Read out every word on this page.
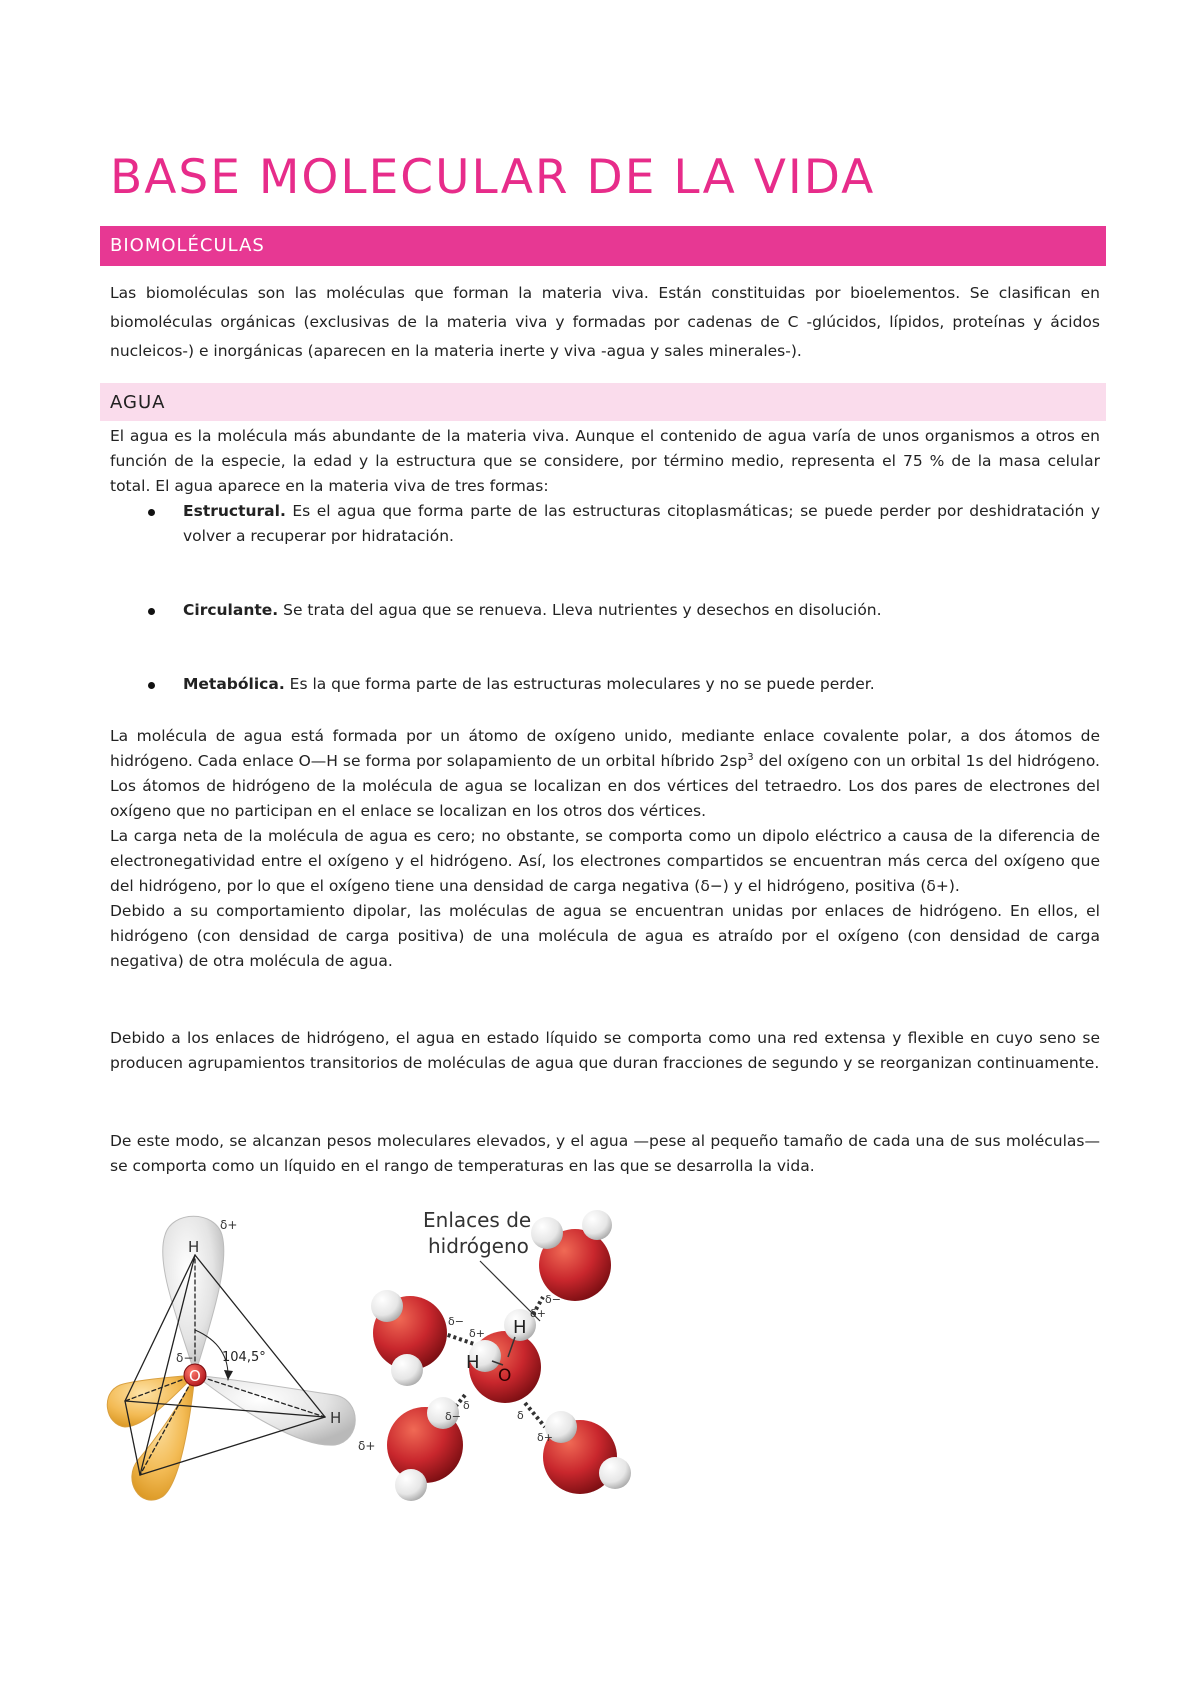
BASE MOLECULAR DE LA VIDA
BIOMOLÉCULAS

Las biomoléculas son las moléculas que forman la materia viva. Están constituidas por bioelementos. Se clasifican en biomoléculas orgánicas (exclusivas de la materia viva y formadas por cadenas de C -glúcidos, lípidos, proteínas y ácidos nucleicos-) e inorgánicas (aparecen en la materia inerte y viva -agua y sales minerales-).

AGUA

El agua es la molécula más abundante de la materia viva. Aunque el contenido de agua varía de unos organismos a otros en función de la especie, la edad y la estructura que se considere, por término medio, representa el 75 % de la masa celular total. El agua aparece en la materia viva de tres formas:

Estructural. Es el agua que forma parte de las estructuras citoplasmáticas; se puede perder por deshidratación y volver a recuperar por hidratación.
Circulante. Se trata del agua que se renueva. Lleva nutrientes y desechos en disolución.
Metabólica. Es la que forma parte de las estructuras moleculares y no se puede perder.

La molécula de agua está formada por un átomo de oxígeno unido, mediante enlace covalente polar, a dos átomos de hidrógeno. Cada enlace O—H se forma por solapamiento de un orbital híbrido $2sp^3$ del oxígeno con un orbital 1s del hidrógeno. Los átomos de hidrógeno de la molécula de agua se localizan en dos vértices del tetraedro. Los dos pares de electrones del oxígeno que no participan en el enlace se localizan en los otros dos vértices.

La carga neta de la molécula de agua es cero; no obstante, se comporta como un dipolo eléctrico a causa de la diferencia de electronegatividad entre el oxígeno y el hidrógeno. Así, los electrones compartidos se encuentran más cerca del oxígeno que del hidrógeno, por lo que el oxígeno tiene una densidad de carga negativa (δ−) y el hidrógeno, positiva (δ+).

Debido a su comportamiento dipolar, las moléculas de agua se encuentran unidas por enlaces de hidrógeno. En ellos, el hidrógeno (con densidad de carga positiva) de una molécula de agua es atraído por el oxígeno (con densidad de carga negativa) de otra molécula de agua.

Debido a los enlaces de hidrógeno, el agua en estado líquido se comporta como una red extensa y flexible en cuyo seno se producen agrupamientos transitorios de moléculas de agua que duran fracciones de segundo y se reorganizan continuamente.

De este modo, se alcanzan pesos moleculares elevados, y el agua —pese al pequeño tamaño de cada una de sus moléculas— se comporta como un líquido en el rango de temperaturas en las que se desarrolla la vida.

O
H
H
104,5°
δ+
δ+
δ−
Enlaces de
hidrógeno
H
H
O
δ−
δ+
δ+
δ−
δ−
δ
δ
δ+
